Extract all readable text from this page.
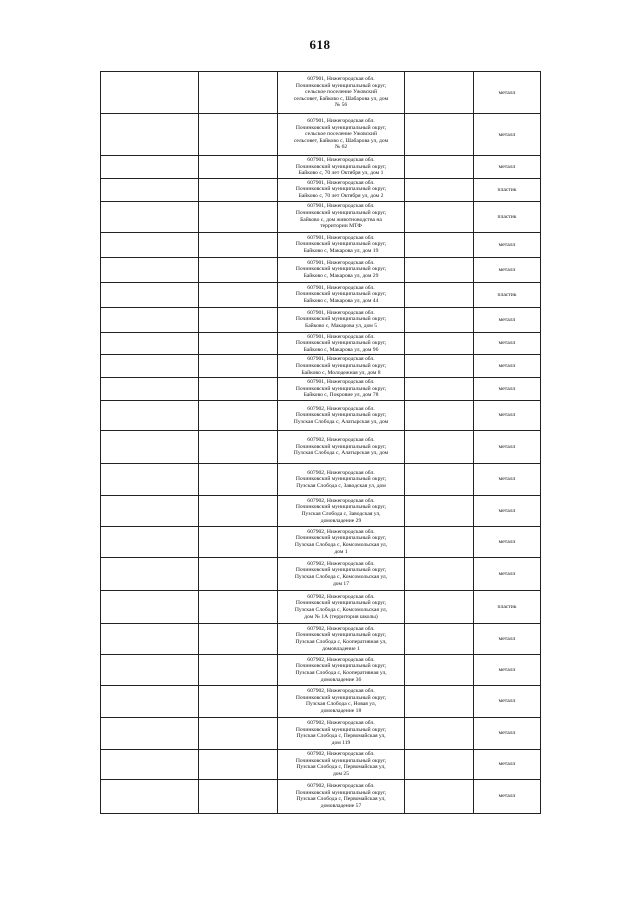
618
		607901, Нижегородская обл.
Починковский муниципальный округ,
сельское поселение Ужовский
сельсовет, Байково с, Шабарова ул, дом
№ 56		металл
		607901, Нижегородская обл.
Починковский муниципальный округ,
сельское поселение Ужовский
сельсовет, Байково с, Шабарова ул, дом
№ 62		металл
		607901, Нижегородская обл.
Починковский муниципальный округ,
Байково с, 70 лет Октября ул, дом 1		металл
		607901, Нижегородская обл.
Починковский муниципальный округ,
Байково с, 70 лет Октября ул, дом 2		пластик
		607901, Нижегородская обл.
Починковский муниципальный округ,
Байково с, дом животноводства на
территории МТФ		пластик
		607901, Нижегородская обл.
Починковский муниципальный округ,
Байково с, Макарова ул, дом 19		металл
		607901, Нижегородская обл.
Починковский муниципальный округ,
Байково с, Макарова ул, дом 29		металл
		607901, Нижегородская обл.
Починковский муниципальный округ,
Байково с, Макарова ул, дом 44		пластик
		607901, Нижегородская обл.
Починковский муниципальный округ,
Байково с, Макарова ул, дом 5		металл
		607901, Нижегородская обл.
Починковский муниципальный округ,
Байково с, Макарова ул, дом 96		металл
		607901, Нижегородская обл.
Починковский муниципальный округ,
Байково с, Молодежная ул, дом 8		металл
		607901, Нижегородская обл.
Починковский муниципальный округ,
Байково с, Покровие ул, дом 78		металл
		607902, Нижегородская обл.
Починковский муниципальный округ,
Пузская Слобода с, Алатырская ул, дом		металл
		607902, Нижегородская обл.
Починковский муниципальный округ,
Пузская Слобода с, Алатырская ул, дом		металл
		607902, Нижегородская обл.
Починковский муниципальный округ,
Пузская Слобода с, Заводская ул, дом		металл
		607902, Нижегородская обл.
Починковский муниципальный округ,
Пузская Слобода с, Заводская ул,
домовладение 29		металл
		607902, Нижегородская обл.
Починковский муниципальный округ,
Пузская Слобода с, Комсомольская ул,
дом 1		металл
		607902, Нижегородская обл.
Починковский муниципальный округ,
Пузская Слобода с, Комсомольская ул,
дом 17		металл
		607902, Нижегородская обл.
Починковский муниципальный округ,
Пузская Слобода с, Комсомольская ул,
дом № 1А (территория школы)		пластик
		607902, Нижегородская обл.
Починковский муниципальный округ,
Пузская Слобода с, Кооперативная ул,
домовладение 1		металл
		607902, Нижегородская обл.
Починковский муниципальный округ,
Пузская Слобода с, Кооперативная ул,
домовладение 36		металл
		607902, Нижегородская обл.
Починковский муниципальный округ,
Пузская Слобода с, Новая ул,
домовладение 18		металл
		607902, Нижегородская обл.
Починковский муниципальный округ,
Пузская Слобода с, Первомайская ул,
дом 119		металл
		607902, Нижегородская обл.
Починковский муниципальный округ,
Пузская Слобода с, Первомайская ул,
дом 25		металл
		607902, Нижегородская обл.
Починковский муниципальный округ,
Пузская Слобода с, Первомайская ул,
домовладение 57		металл
